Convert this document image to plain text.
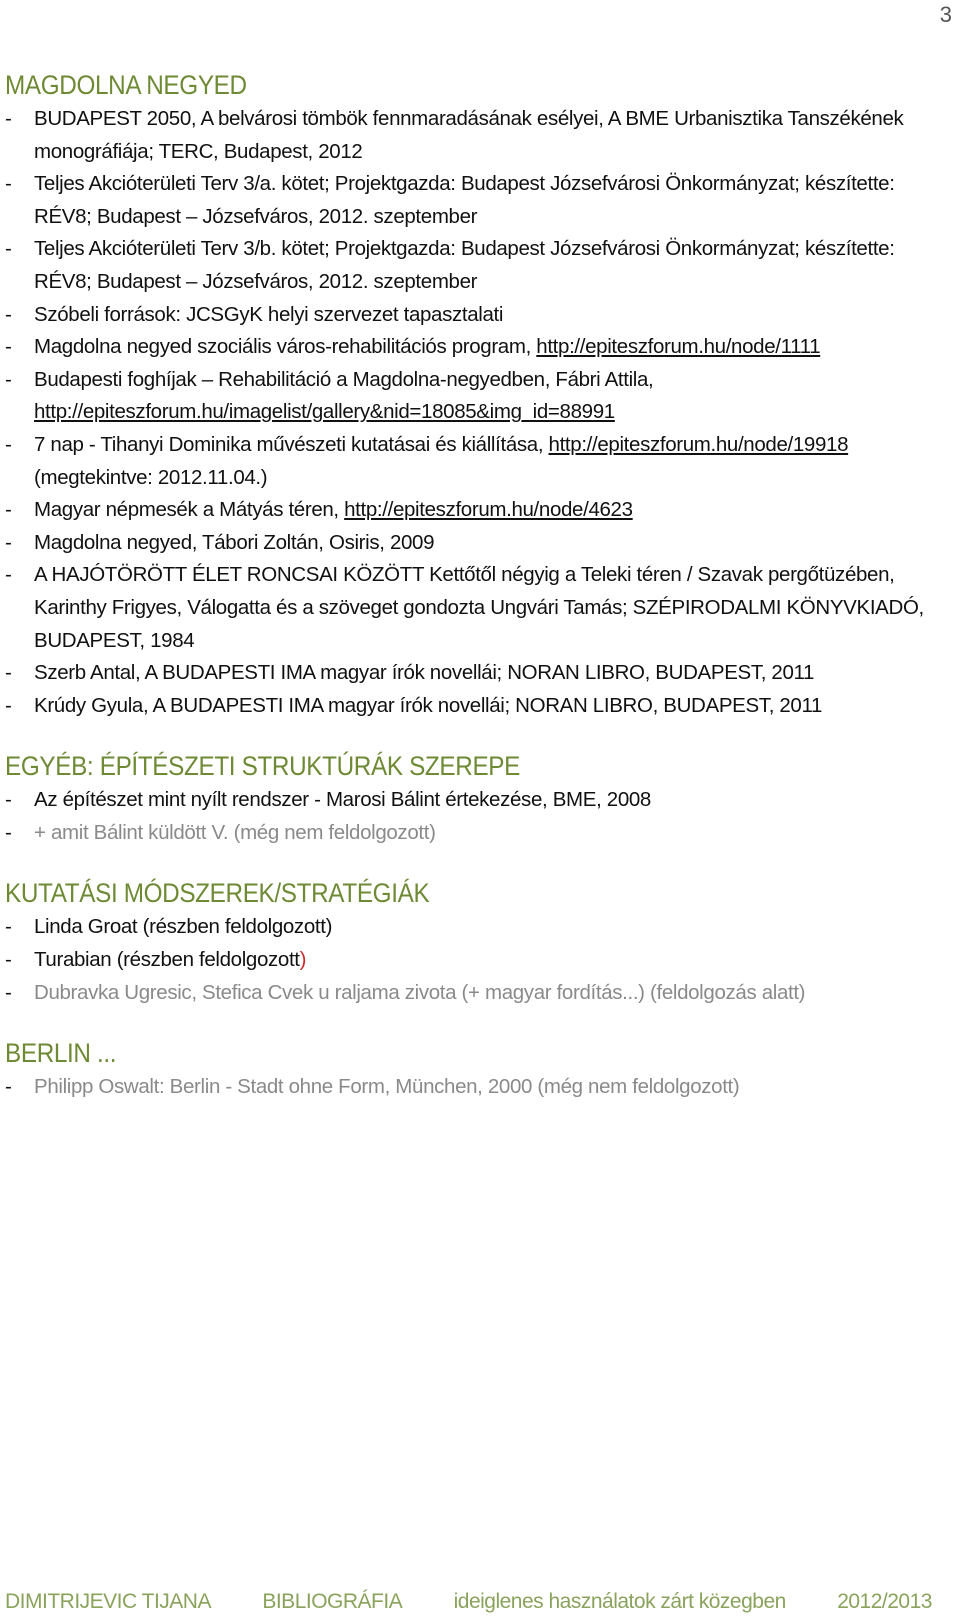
3
MAGDOLNA NEGYED
- BUDAPEST 2050, A belvárosi tömbök fennmaradásának esélyei, A BME Urbanisztika Tanszékének monográfiája; TERC, Budapest, 2012
- Teljes Akcióterületi Terv 3/a. kötet; Projektgazda: Budapest Józsefvárosi Önkormányzat; készítette: RÉV8; Budapest – Józsefváros, 2012. szeptember
- Teljes Akcióterületi Terv 3/b. kötet; Projektgazda: Budapest Józsefvárosi Önkormányzat; készítette: RÉV8; Budapest – Józsefváros, 2012. szeptember
- Szóbeli források: JCSGyK helyi szervezet tapasztalati
- Magdolna negyed szociális város-rehabilitációs program, http://epiteszforum.hu/node/1111
- Budapesti foghíjak – Rehabilitáció a Magdolna-negyedben, Fábri Attila, http://epiteszforum.hu/imagelist/gallery&nid=18085&img_id=88991
- 7 nap - Tihanyi Dominika művészeti kutatásai és kiállítása, http://epiteszforum.hu/node/19918 (megtekintve: 2012.11.04.)
- Magyar népmesék a Mátyás téren, http://epiteszforum.hu/node/4623
- Magdolna negyed, Tábori Zoltán, Osiris, 2009
- A HAJÓTÖRÖTT ÉLET RONCSAI KÖZÖTT Kettőtől négyig a Teleki téren / Szavak pergőtüzében, Karinthy Frigyes, Válogatta és a szöveget gondozta Ungvári Tamás; SZÉPIRODALMI KÖNYVKIADÓ, BUDAPEST, 1984
- Szerb Antal, A BUDAPESTI IMA magyar írók novellái; NORAN LIBRO, BUDAPEST, 2011
- Krúdy Gyula, A BUDAPESTI IMA magyar írók novellái; NORAN LIBRO, BUDAPEST, 2011
EGYÉB: ÉPÍTÉSZETI STRUKTÚRÁK SZEREPE
- Az építészet mint nyílt rendszer - Marosi Bálint értekezése, BME, 2008
- + amit Bálint küldött V. (még nem feldolgozott)
KUTATÁSI MÓDSZEREK/STRATÉGIÁK
- Linda Groat (részben feldolgozott)
- Turabian (részben feldolgozott)
- Dubravka Ugresic, Stefica Cvek u raljama zivota (+ magyar fordítás...) (feldolgozás alatt)
BERLIN ...
- Philipp Oswalt: Berlin - Stadt ohne Form, München, 2000 (még nem feldolgozott)
DIMITRIJEVIC TIJANA BIBLIOGRÁFIA ideiglenes használatok zárt közegben 2012/2013
